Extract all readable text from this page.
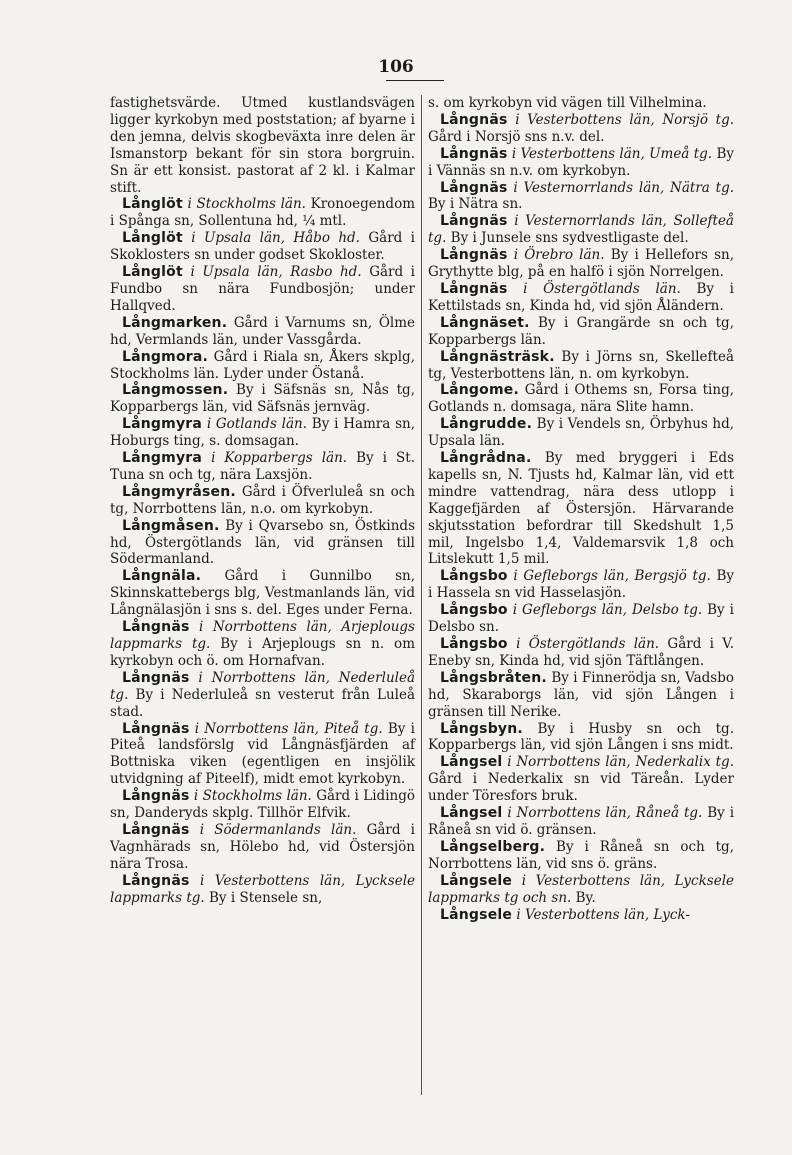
106

fastighetsvärde. Utmed kustlandsvägen ligger kyrkobyn med poststation; af byarne i den jemna, delvis skogbeväxta inre delen är Ismanstorp bekant för sin stora borgruin. Sn är ett konsist. pastorat af 2 kl. i Kalmar stift.

Långlöt i Stockholms län. Kronoegendom i Spånga sn, Sollentuna hd, ¼ mtl.

Långlöt i Upsala län, Håbo hd. Gård i Skoklosters sn under godset Skokloster.

Långlöt i Upsala län, Rasbo hd. Gård i Fundbo sn nära Fundbosjön; under Hallqved.

Långmarken. Gård i Varnums sn, Ölme hd, Vermlands län, under Vassgårda.

Långmora. Gård i Riala sn, Åkers skplg, Stockholms län. Lyder under Östanå.

Långmossen. By i Säfsnäs sn, Nås tg, Kopparbergs län, vid Säfsnäs jernväg.

Långmyra i Gotlands län. By i Hamra sn, Hoburgs ting, s. domsagan.

Långmyra i Kopparbergs län. By i St. Tuna sn och tg, nära Laxsjön.

Långmyråsen. Gård i Öfverluleå sn och tg, Norrbottens län, n.o. om kyrkobyn.

Långmåsen. By i Qvarsebo sn, Östkinds hd, Östergötlands län, vid gränsen till Södermanland.

Långnäla. Gård i Gunnilbo sn, Skinnskattebergs blg, Vestmanlands län, vid Långnälasjön i sns s. del. Eges under Ferna.

Långnäs i Norrbottens län, Arjeplougs lappmarks tg. By i Arjeplougs sn n. om kyrkobyn och ö. om Hornafvan.

Långnäs i Norrbottens län, Nederluleå tg. By i Nederluleå sn vesterut från Luleå stad.

Långnäs i Norrbottens län, Piteå tg. By i Piteå landsförslg vid Långnäsfjärden af Bottniska viken (egentligen en insjölik utvidgning af Piteelf), midt emot kyrkobyn.

Långnäs i Stockholms län. Gård i Lidingö sn, Danderyds skplg. Tillhör Elfvik.

Långnäs i Södermanlands län. Gård i Vagnhärads sn, Hölebo hd, vid Östersjön nära Trosa.

Långnäs i Vesterbottens län, Lycksele lappmarks tg. By i Stensele sn,

s. om kyrkobyn vid vägen till Vilhelmina.

Långnäs i Vesterbottens län, Norsjö tg. Gård i Norsjö sns n.v. del.

Långnäs i Vesterbottens län, Umeå tg. By i Vännäs sn n.v. om kyrkobyn.

Långnäs i Vesternorrlands län, Nätra tg. By i Nätra sn.

Långnäs i Vesternorrlands län, Sollefteå tg. By i Junsele sns sydvestligaste del.

Långnäs i Örebro län. By i Hellefors sn, Grythytte blg, på en halfö i sjön Norrelgen.

Långnäs i Östergötlands län. By i Kettilstads sn, Kinda hd, vid sjön Åländern.

Långnäset. By i Grangärde sn och tg, Kopparbergs län.

Långnästräsk. By i Jörns sn, Skellefteå tg, Vesterbottens län, n. om kyrkobyn.

Långome. Gård i Othems sn, Forsa ting, Gotlands n. domsaga, nära Slite hamn.

Långrudde. By i Vendels sn, Örbyhus hd, Upsala län.

Långrådna. By med bryggeri i Eds kapells sn, N. Tjusts hd, Kalmar län, vid ett mindre vattendrag, nära dess utlopp i Kaggefjärden af Östersjön. Härvarande skjutsstation befordrar till Skedshult 1,5 mil, Ingelsbo 1,4, Valdemarsvik 1,8 och Litslekutt 1,5 mil.

Långsbo i Gefleborgs län, Bergsjö tg. By i Hassela sn vid Hasselasjön.

Långsbo i Gefleborgs län, Delsbo tg. By i Delsbo sn.

Långsbo i Östergötlands län. Gård i V. Eneby sn, Kinda hd, vid sjön Täftlången.

Långsbråten. By i Finnerödja sn, Vadsbo hd, Skaraborgs län, vid sjön Lången i gränsen till Nerike.

Långsbyn. By i Husby sn och tg. Kopparbergs län, vid sjön Lången i sns midt.

Långsel i Norrbottens län, Nederkalix tg. Gård i Nederkalix sn vid Täreån. Lyder under Töresfors bruk.

Långsel i Norrbottens län, Råneå tg. By i Råneå sn vid ö. gränsen.

Långselberg. By i Råneå sn och tg, Norrbottens län, vid sns ö. gräns.

Långsele i Vesterbottens län, Lycksele lappmarks tg och sn. By.

Långsele i Vesterbottens län, Lyck-
